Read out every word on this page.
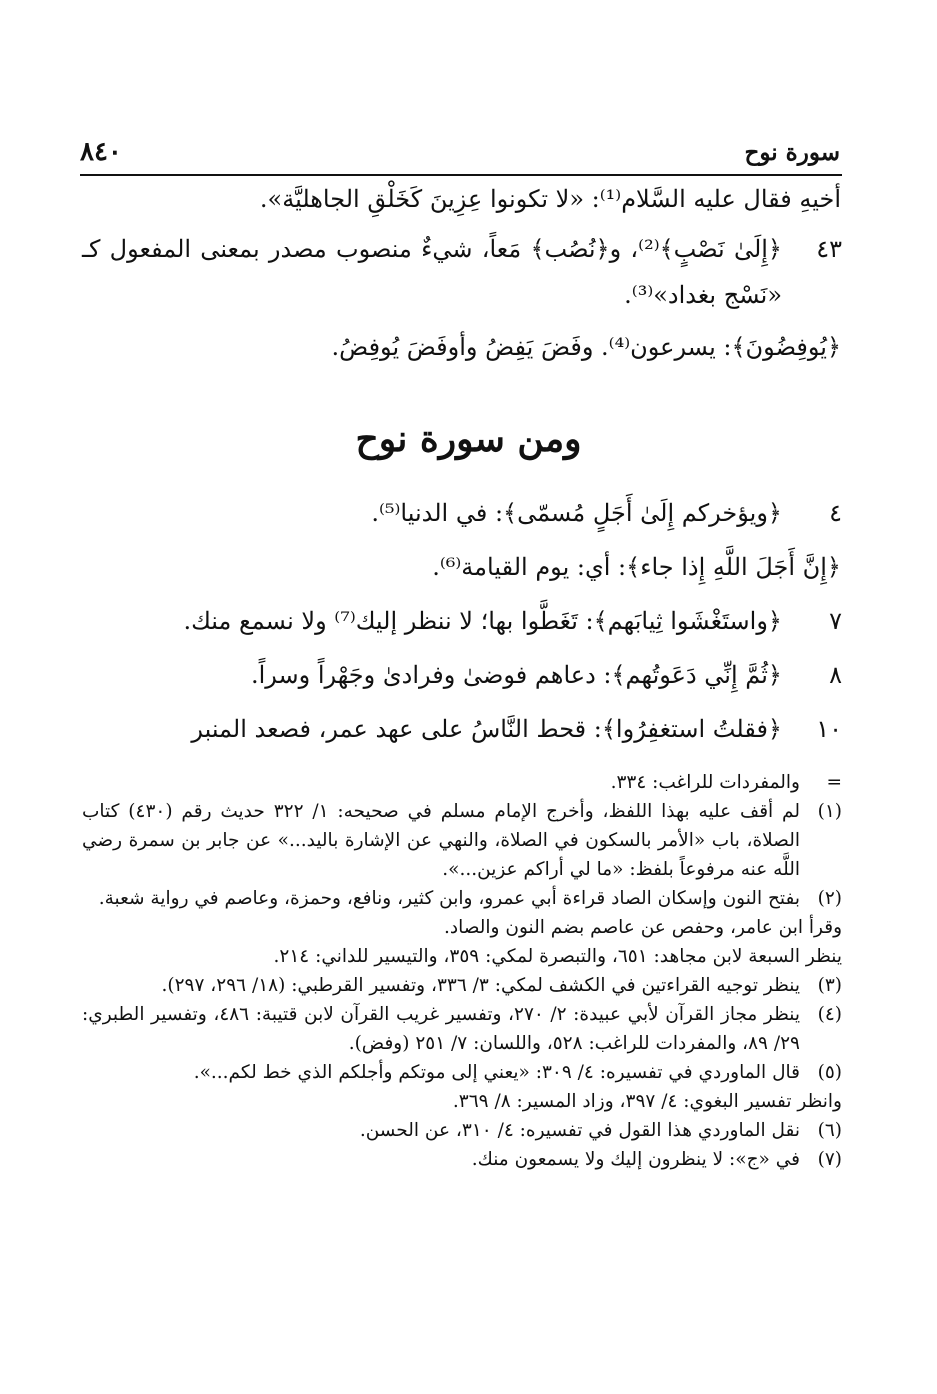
سورة نوح
٨٤٠
أخيهِ فقال عليه السَّلام⁽¹⁾: «لا تكونوا عِزِينَ كَخَلْقِ الجاهليَّة».
٤٣
﴿إِلَىٰ نَصْبٍ﴾⁽²⁾، و﴿نُصُب﴾ مَعاً، شيءٌ منصوب مصدر بمعنى المفعول كـ «نَسْج بغداد»⁽³⁾.
﴿يُوفِضُونَ﴾: يسرعون⁽⁴⁾. وفَضَ يَفِضُ وأوفَضَ يُوفِضُ.
ومن سورة نوح
٤
﴿ويؤخركم إِلَىٰ أَجَلٍ مُسمّى﴾: في الدنيا⁽⁵⁾.
﴿إِنَّ أَجَلَ اللَّهِ إِذا جاء﴾: أي: يوم القيامة⁽⁶⁾.
٧
﴿واستَغْشَوا ثِيابَهم﴾: تَغَطَّوا بها؛ لا ننظر إليك⁽⁷⁾ ولا نسمع منك.
٨
﴿ثُمَّ إِنِّي دَعَوتُهم﴾: دعاهم فوضىٰ وفرادىٰ وجَهْراً وسراً.
١٠
﴿فقلتُ استغفِرُوا﴾: قحط النَّاسُ على عهد عمر، فصعد المنبر
=
والمفردات للراغب: ٣٣٤.
(١)
لم أقف عليه بهذا اللفظ، وأخرج الإمام مسلم في صحيحه: ١/ ٣٢٢ حديث رقم (٤٣٠) كتاب الصلاة، باب «الأمر بالسكون في الصلاة، والنهي عن الإشارة باليد...» عن جابر بن سمرة رضي اللَّه عنه مرفوعاً بلفظ: «ما لي أراكم عزين...».
(٢)
بفتح النون وإسكان الصاد قراءة أبي عمرو، وابن كثير، ونافع، وحمزة، وعاصم في رواية شعبة.
وقرأ ابن عامر، وحفص عن عاصم بضم النون والصاد.
ينظر السبعة لابن مجاهد: ٦٥١، والتبصرة لمكي: ٣٥٩، والتيسير للداني: ٢١٤.
(٣)
ينظر توجيه القراءتين في الكشف لمكي: ٣/ ٣٣٦، وتفسير القرطبي: (١٨/ ٢٩٦، ٢٩٧).
(٤)
ينظر مجاز القرآن لأبي عبيدة: ٢/ ٢٧٠، وتفسير غريب القرآن لابن قتيبة: ٤٨٦، وتفسير الطبري: ٢٩/ ٨٩، والمفردات للراغب: ٥٢٨، واللسان: ٧/ ٢٥١ (وفض).
(٥)
قال الماوردي في تفسيره: ٤/ ٣٠٩: «يعني إلى موتكم وأجلكم الذي خط لكم...».
وانظر تفسير البغوي: ٤/ ٣٩٧، وزاد المسير: ٨/ ٣٦٩.
(٦)
نقل الماوردي هذا القول في تفسيره: ٤/ ٣١٠، عن الحسن.
(٧)
في «ج»: لا ينظرون إليك ولا يسمعون منك.
